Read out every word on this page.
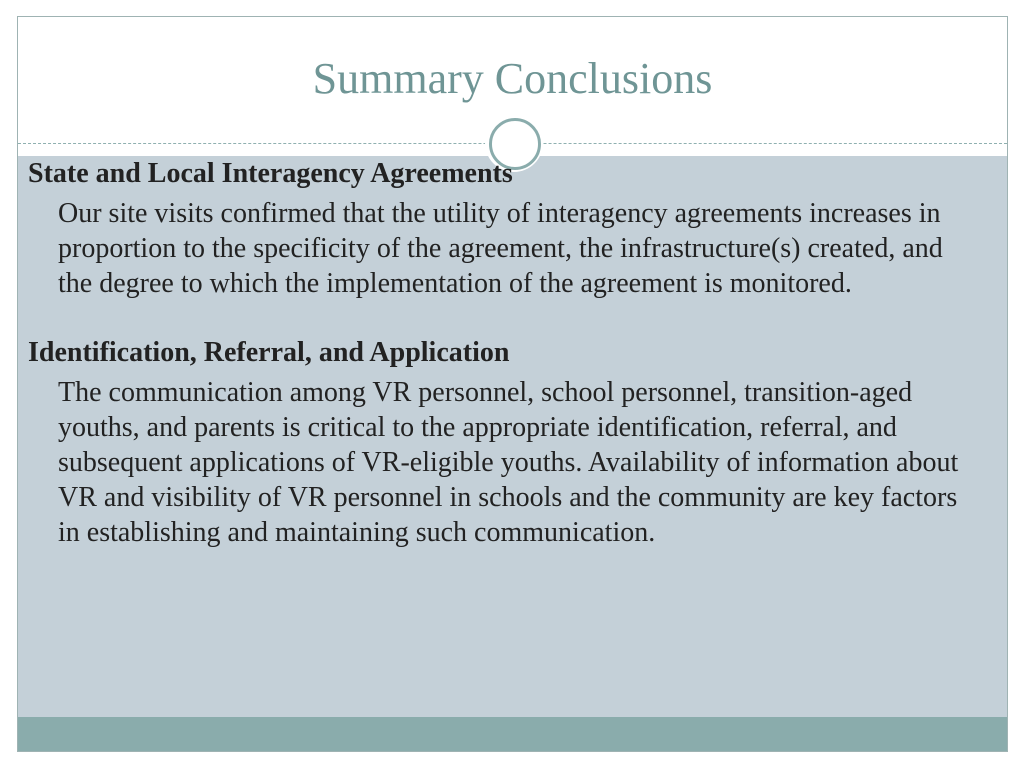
Summary Conclusions

State and Local Interagency Agreements

Our site visits confirmed that the utility of interagency agreements increases in proportion to the specificity of the agreement, the infrastructure(s) created, and the degree to which the implementation of the agreement is monitored.

Identification, Referral, and Application

The communication among VR personnel, school personnel, transition-aged youths, and parents is critical to the appropriate identification, referral, and subsequent applications of VR-eligible youths. Availability of information about VR and visibility of VR personnel in schools and the community are key factors in establishing and maintaining such communication.
